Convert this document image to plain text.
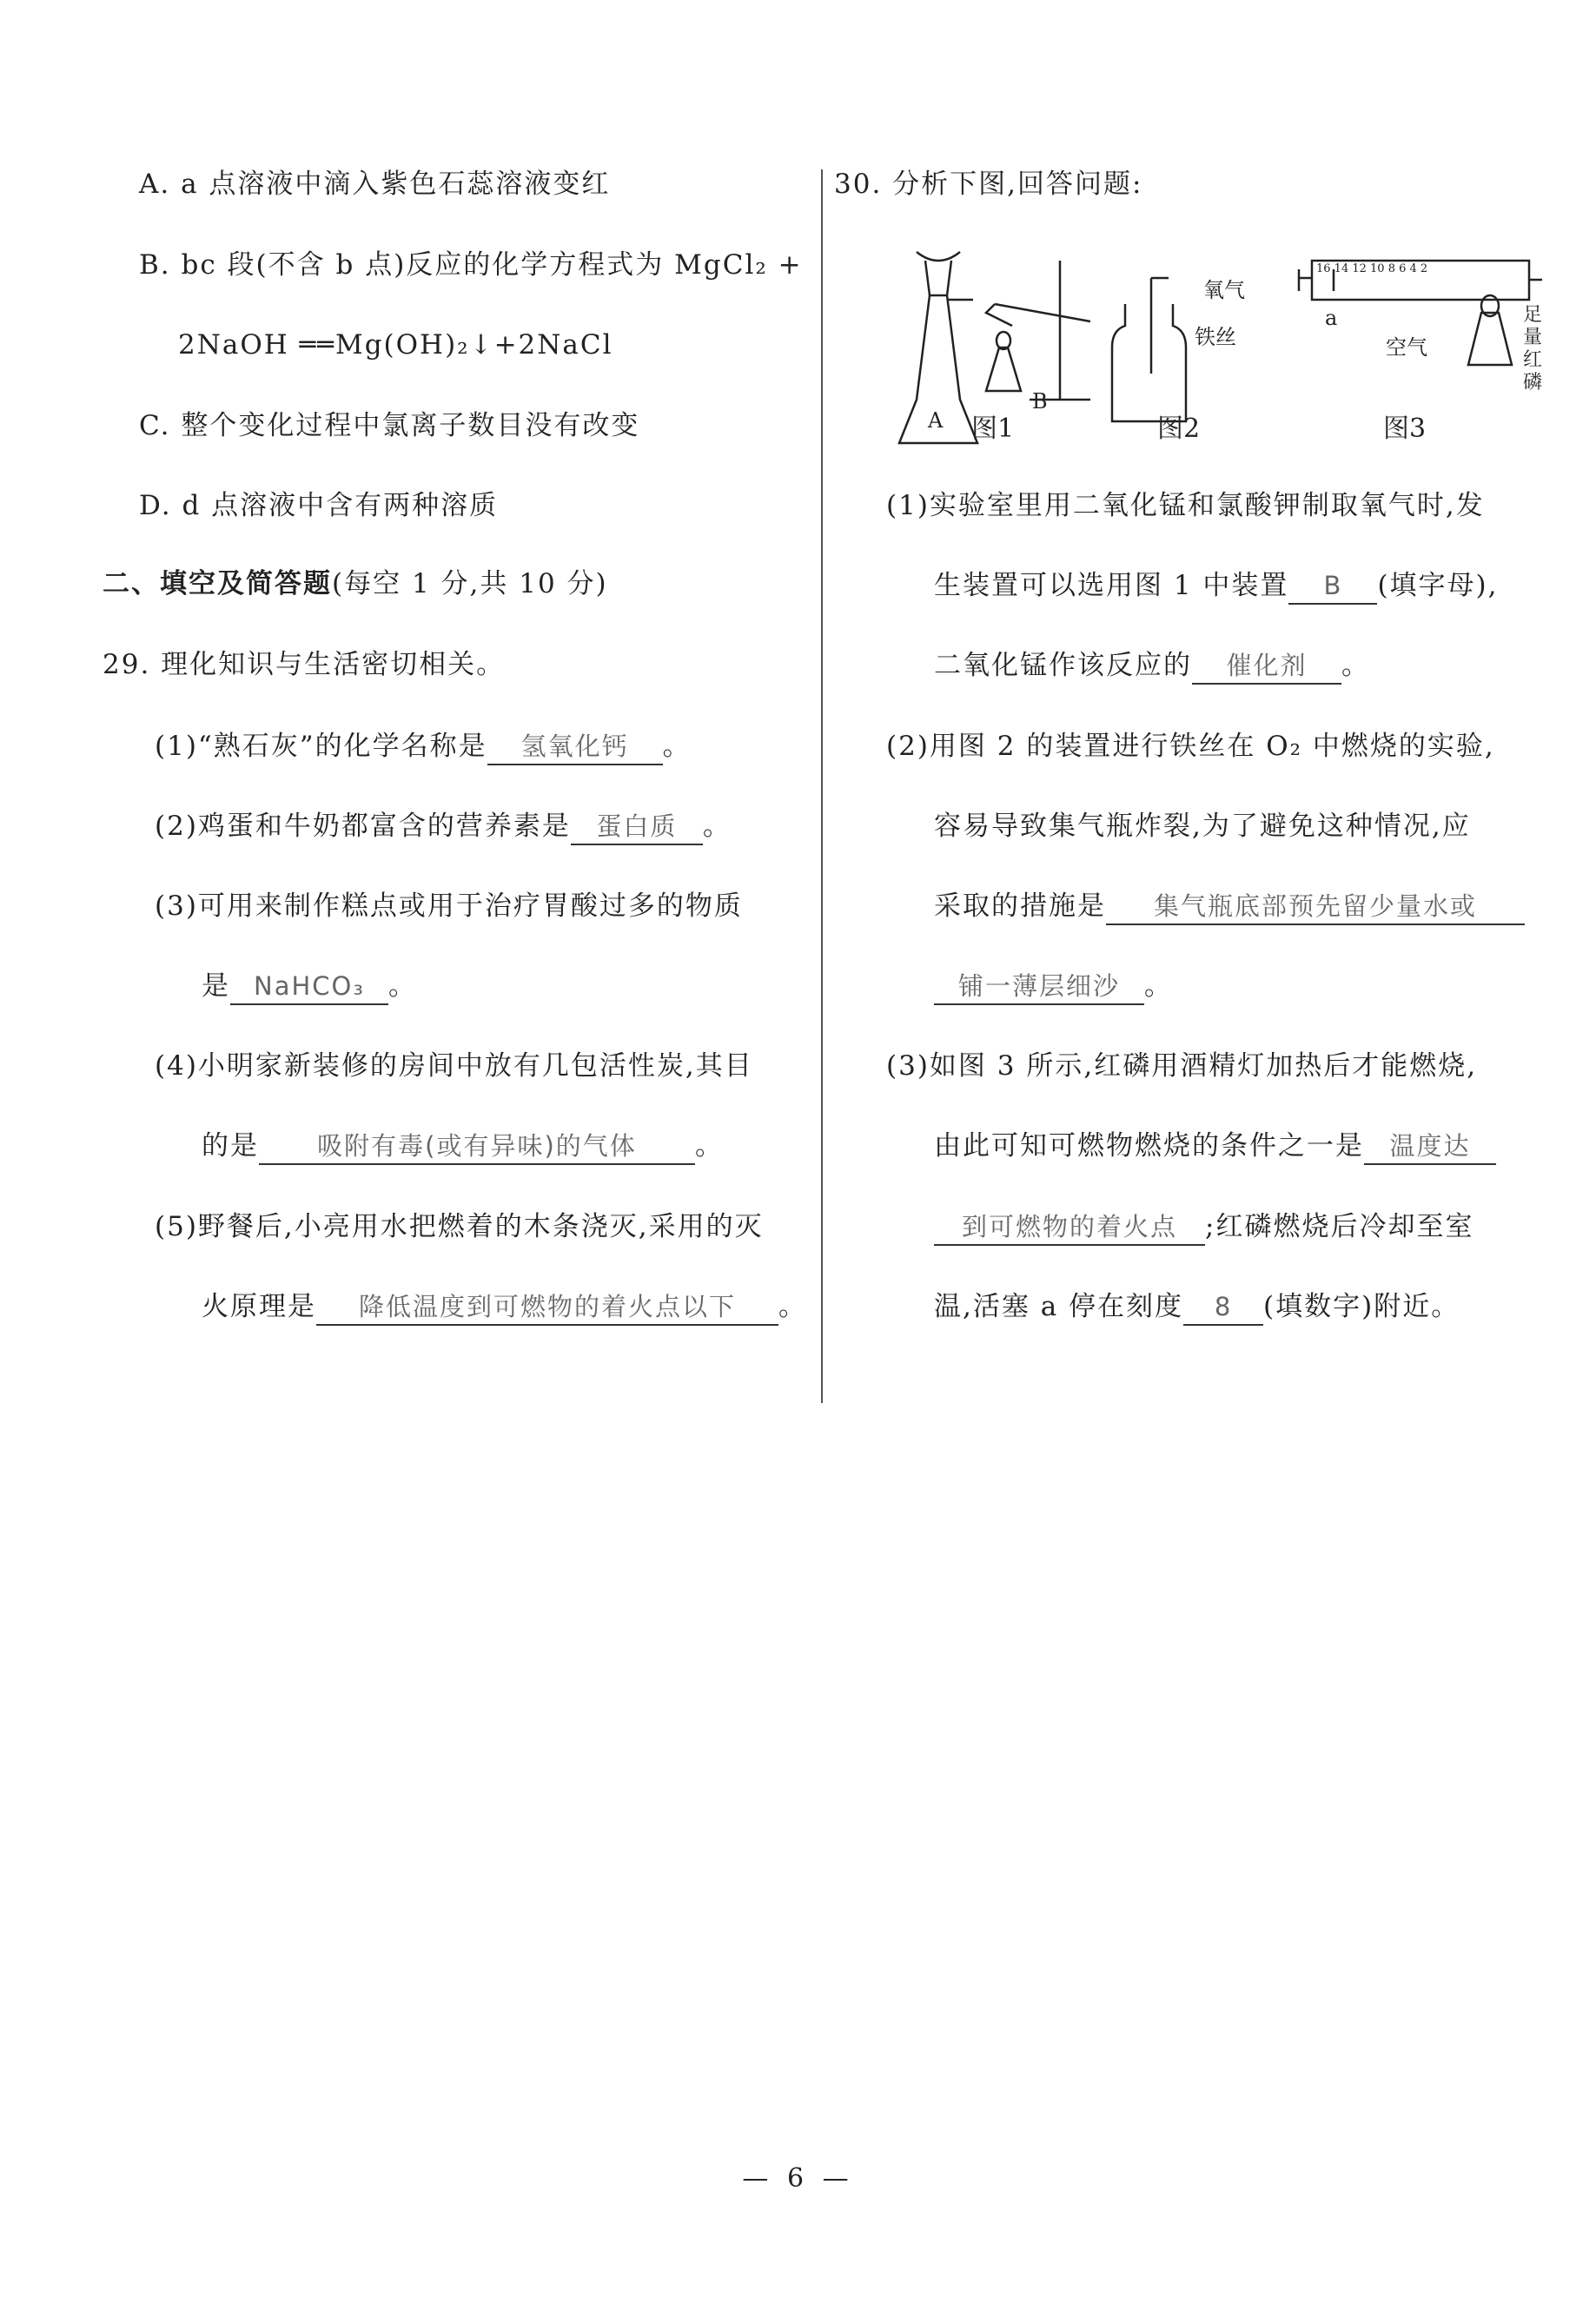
A. a 点溶液中滴入紫色石蕊溶液变红
B. bc 段(不含 b 点)反应的化学方程式为 MgCl₂ +
2NaOH ══Mg(OH)₂↓+2NaCl
C. 整个变化过程中氯离子数目没有改变
D. d 点溶液中含有两种溶质
二、填空及简答题(每空 1 分,共 10 分)
29. 理化知识与生活密切相关。
(1)“熟石灰”的化学名称是 氢氧化钙 。
(2)鸡蛋和牛奶都富含的营养素是 蛋白质 。
(3)可用来制作糕点或用于治疗胃酸过多的物质
是 NaHCO₃ 。
(4)小明家新装修的房间中放有几包活性炭,其目
的是 吸附有毒(或有异味)的气体 。
(5)野餐后,小亮用水把燃着的木条浇灭,采用的灭
火原理是 降低温度到可燃物的着火点以下 。
30. 分析下图,回答问题:
A
B
氧气
铁丝
a
空气
足量红磷
16 14 12 10 8 6 4 2
图1	图2	图3
(1)实验室里用二氧化锰和氯酸钾制取氧气时,发
生装置可以选用图 1 中装置 B (填字母),
二氧化锰作该反应的 催化剂 。
(2)用图 2 的装置进行铁丝在 O₂ 中燃烧的实验,
容易导致集气瓶炸裂,为了避免这种情况,应
采取的措施是 集气瓶底部预先留少量水或
铺一薄层细沙 。
(3)如图 3 所示,红磷用酒精灯加热后才能燃烧,
由此可知可燃物燃烧的条件之一是 温度达
到可燃物的着火点 ;红磷燃烧后冷却至室
温,活塞 a 停在刻度 8 (填数字)附近。
— 6 —
